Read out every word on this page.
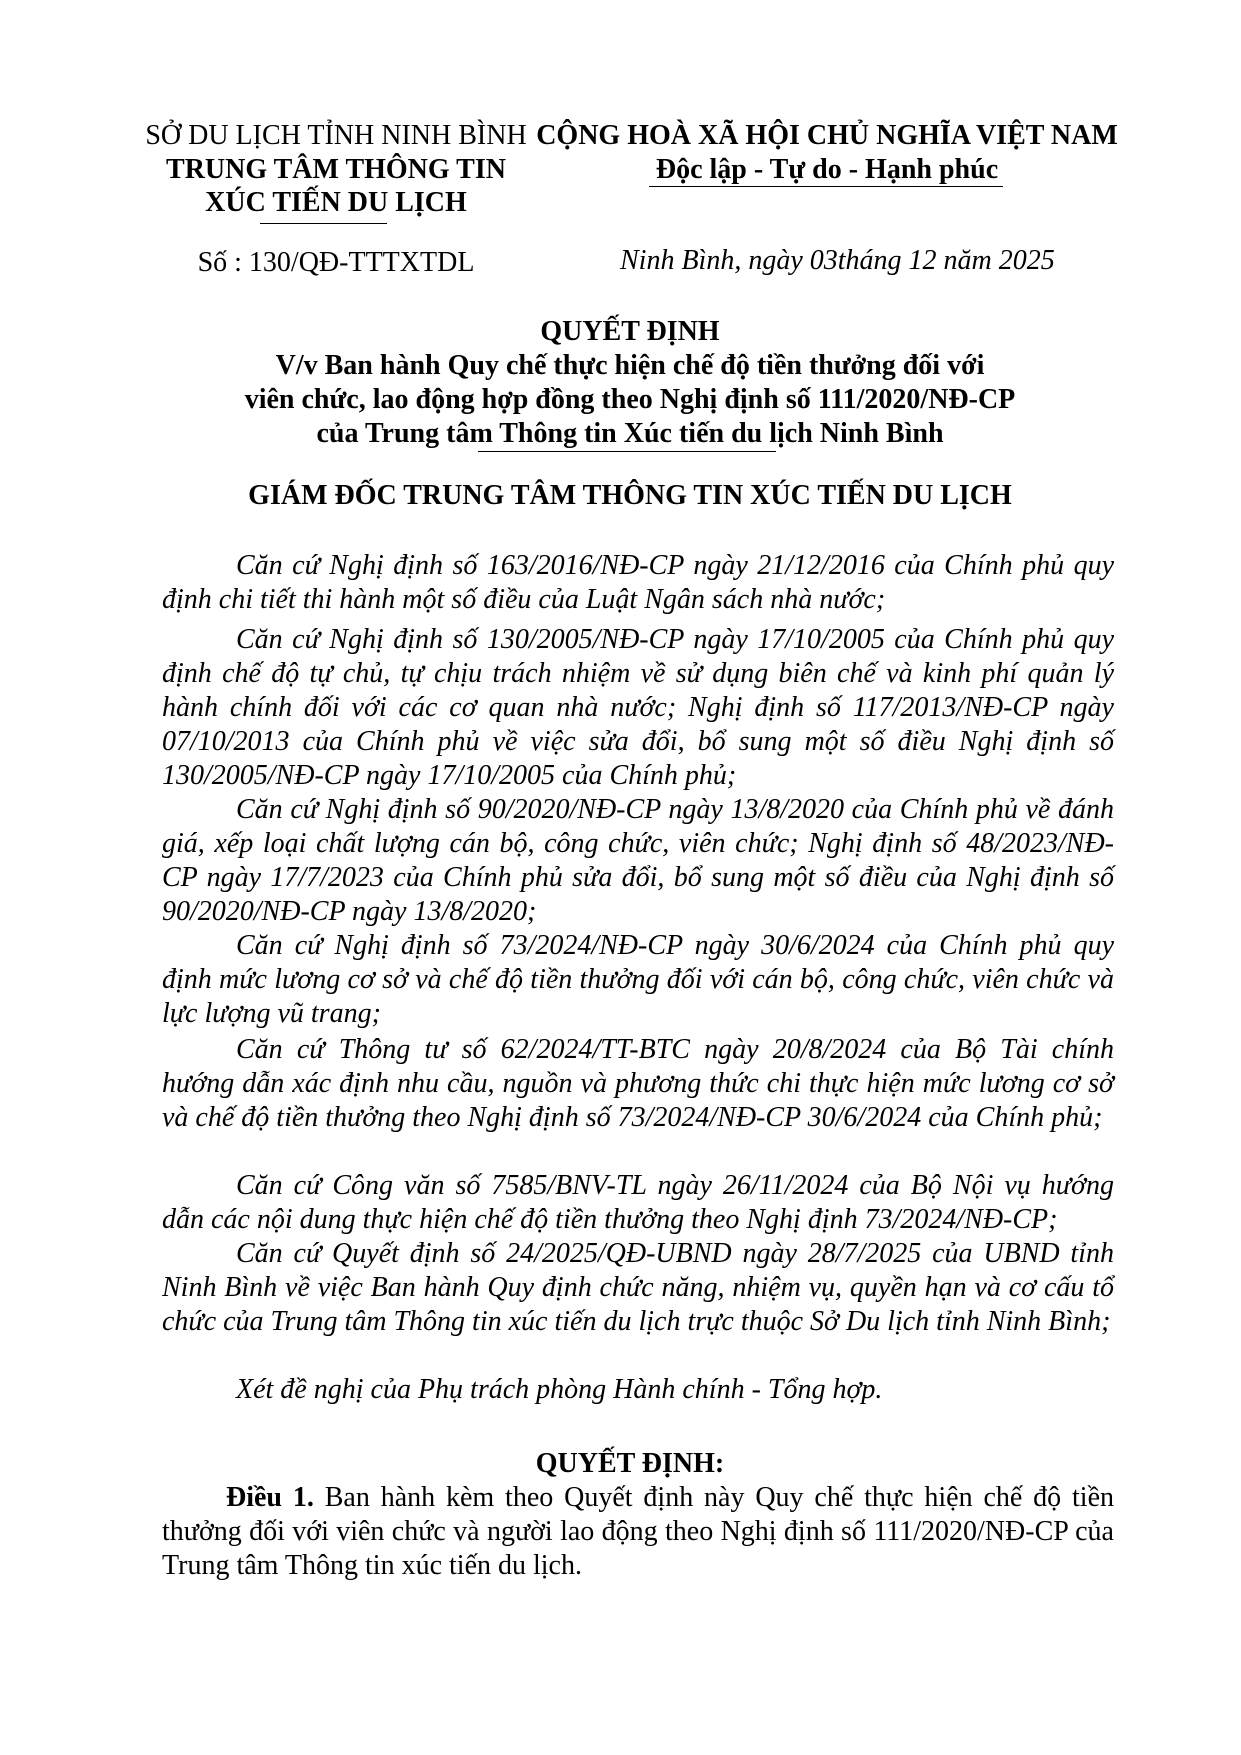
SỞ DU LỊCH TỈNH NINH BÌNH
TRUNG TÂM THÔNG TIN
XÚC TIẾN DU LỊCH
CỘNG HOÀ XÃ HỘI CHỦ NGHĨA VIỆT NAM
Độc lập - Tự do - Hạnh phúc
Số : 130/QĐ-TTTXTDL	Ninh Bình, ngày 03tháng 12 năm 2025
QUYẾT ĐỊNH
V/v Ban hành Quy chế thực hiện chế độ tiền thưởng đối với
viên chức, lao động hợp đồng theo Nghị định số 111/2020/NĐ-CP
của Trung tâm Thông tin Xúc tiến du lịch Ninh Bình
GIÁM ĐỐC TRUNG TÂM THÔNG TIN XÚC TIẾN DU LỊCH
Căn cứ Nghị định số 163/2016/NĐ-CP ngày 21/12/2016 của Chính phủ quy định chi tiết thi hành một số điều của Luật Ngân sách nhà nước;
Căn cứ Nghị định số 130/2005/NĐ-CP ngày 17/10/2005 của Chính phủ quy định chế độ tự chủ, tự chịu trách nhiệm về sử dụng biên chế và kinh phí quản lý hành chính đối với các cơ quan nhà nước; Nghị định số 117/2013/NĐ-CP ngày 07/10/2013 của Chính phủ về việc sửa đổi, bổ sung một số điều Nghị định số 130/2005/NĐ-CP ngày 17/10/2005 của Chính phủ;
Căn cứ Nghị định số 90/2020/NĐ-CP ngày 13/8/2020 của Chính phủ về đánh giá, xếp loại chất lượng cán bộ, công chức, viên chức; Nghị định số 48/2023/NĐ- CP ngày 17/7/2023 của Chính phủ sửa đổi, bổ sung một số điều của Nghị định số 90/2020/NĐ-CP ngày 13/8/2020;
Căn cứ Nghị định số 73/2024/NĐ-CP ngày 30/6/2024 của Chính phủ quy định mức lương cơ sở và chế độ tiền thưởng đối với cán bộ, công chức, viên chức và lực lượng vũ trang;
Căn cứ Thông tư số 62/2024/TT-BTC ngày 20/8/2024 của Bộ Tài chính hướng dẫn xác định nhu cầu, nguồn và phương thức chi thực hiện mức lương cơ sở và chế độ tiền thưởng theo Nghị định số 73/2024/NĐ-CP 30/6/2024 của Chính phủ;
Căn cứ Công văn số 7585/BNV-TL ngày 26/11/2024 của Bộ Nội vụ hướng dẫn các nội dung thực hiện chế độ tiền thưởng theo Nghị định 73/2024/NĐ-CP;
Căn cứ Quyết định số 24/2025/QĐ-UBND ngày 28/7/2025 của UBND tỉnh Ninh Bình về việc Ban hành Quy định chức năng, nhiệm vụ, quyền hạn và cơ cấu tổ chức của Trung tâm Thông tin xúc tiến du lịch trực thuộc Sở Du lịch tỉnh Ninh Bình;
Xét đề nghị của Phụ trách phòng Hành chính - Tổng hợp.
QUYẾT ĐỊNH:
Điều 1. Ban hành kèm theo Quyết định này Quy chế thực hiện chế độ tiền thưởng đối với viên chức và người lao động theo Nghị định số 111/2020/NĐ-CP của Trung tâm Thông tin xúc tiến du lịch.
